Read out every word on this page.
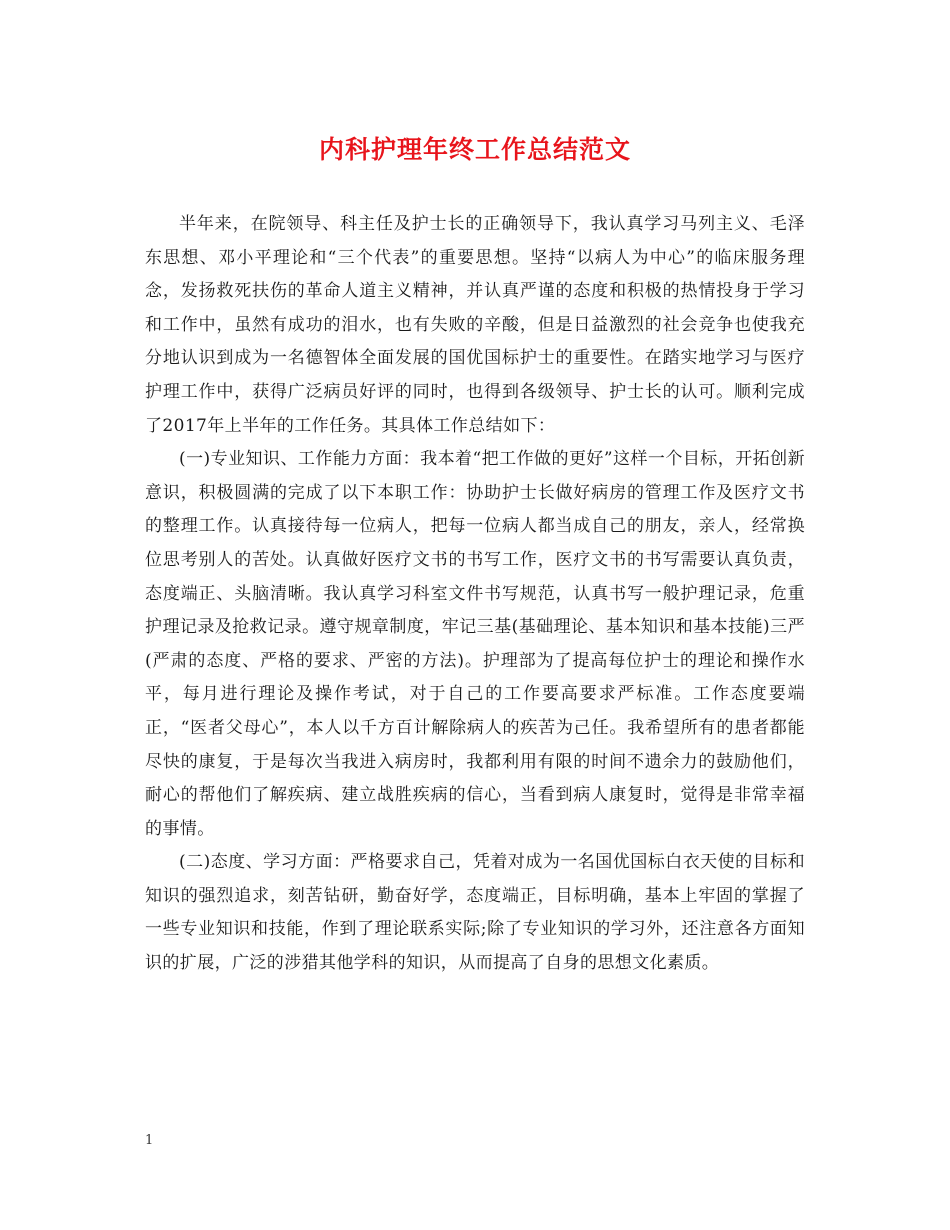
内科护理年终工作总结范文

半年来，在院领导、科主任及护士长的正确领导下，我认真学习马列主义、毛泽东思想、邓小平理论和“三个代表”的重要思想。坚持“以病人为中心”的临床服务理念，发扬救死扶伤的革命人道主义精神，并认真严谨的态度和积极的热情投身于学习和工作中，虽然有成功的泪水，也有失败的辛酸，但是日益激烈的社会竞争也使我充分地认识到成为一名德智体全面发展的国优国标护士的重要性。在踏实地学习与医疗护理工作中，获得广泛病员好评的同时，也得到各级领导、护士长的认可。顺利完成了2017年上半年的工作任务。其具体工作总结如下：

(一)专业知识、工作能力方面：我本着“把工作做的更好”这样一个目标，开拓创新意识，积极圆满的完成了以下本职工作：协助护士长做好病房的管理工作及医疗文书的整理工作。认真接待每一位病人，把每一位病人都当成自己的朋友，亲人，经常换位思考别人的苦处。认真做好医疗文书的书写工作，医疗文书的书写需要认真负责，态度端正、头脑清晰。我认真学习科室文件书写规范，认真书写一般护理记录，危重护理记录及抢救记录。遵守规章制度，牢记三基(基础理论、基本知识和基本技能)三严(严肃的态度、严格的要求、严密的方法)。护理部为了提高每位护士的理论和操作水平，每月进行理论及操作考试，对于自己的工作要高要求严标准。工作态度要端正，“医者父母心”，本人以千方百计解除病人的疾苦为己任。我希望所有的患者都能尽快的康复，于是每次当我进入病房时，我都利用有限的时间不遗余力的鼓励他们，耐心的帮他们了解疾病、建立战胜疾病的信心，当看到病人康复时，觉得是非常幸福的事情。

(二)态度、学习方面：严格要求自己，凭着对成为一名国优国标白衣天使的目标和知识的强烈追求，刻苦钻研，勤奋好学，态度端正，目标明确，基本上牢固的掌握了一些专业知识和技能，作到了理论联系实际;除了专业知识的学习外，还注意各方面知识的扩展，广泛的涉猎其他学科的知识，从而提高了自身的思想文化素质。

1
